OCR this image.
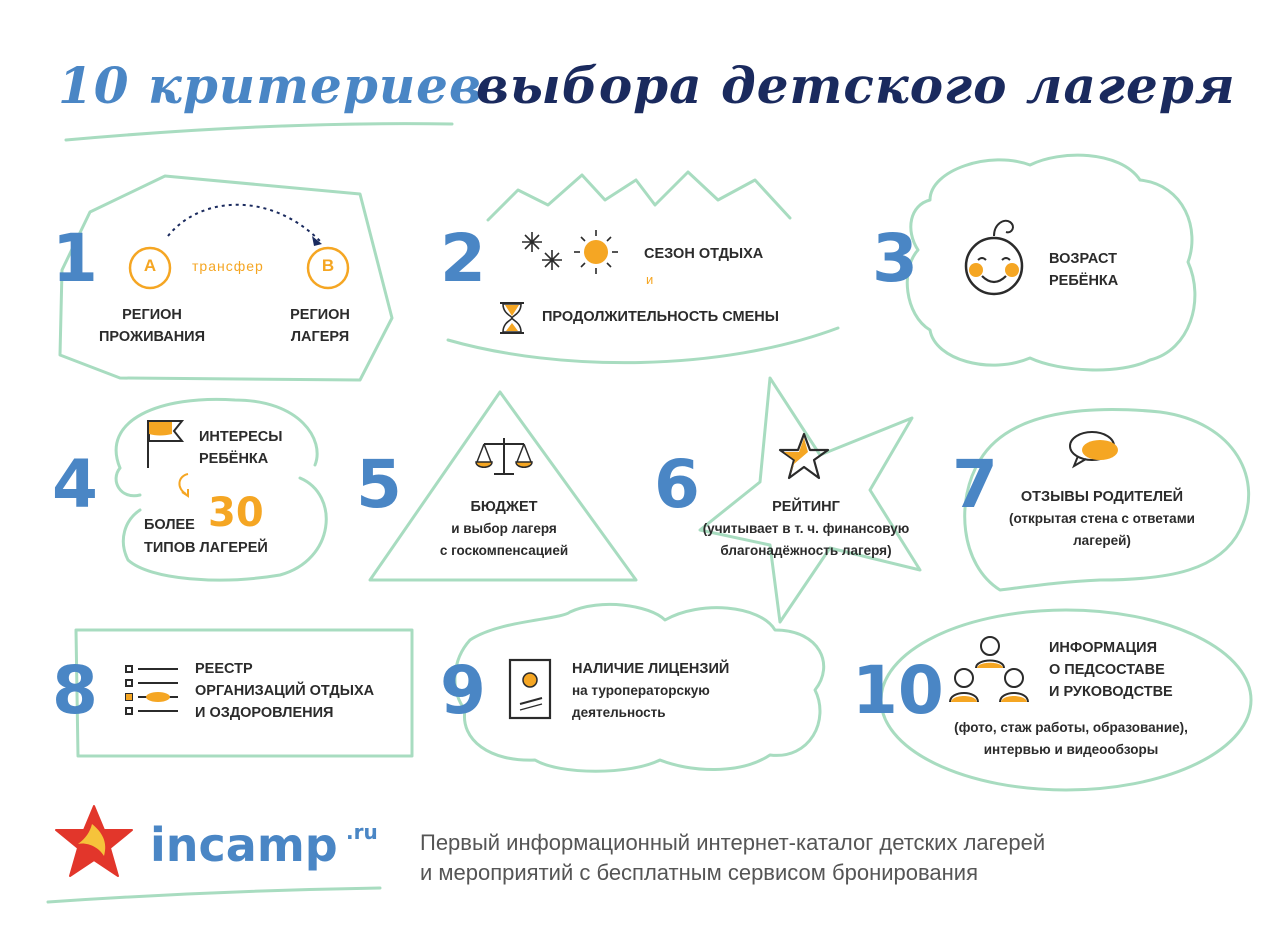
10 критериев
выбора детского лагеря
1	А	В
трансфер
РЕГИОН
ПРОЖИВАНИЯ
РЕГИОН
ЛАГЕРЯ
2	СЕЗОН ОТДЫХА
и
ПРОДОЛЖИТЕЛЬНОСТЬ СМЕНЫ
3	ВОЗРАСТ
РЕБЁНКА
4
ИНТЕРЕСЫ
РЕБЁНКА
БОЛЕЕ 30
ТИПОВ ЛАГЕРЕЙ
5	БЮДЖЕТ
и выбор лагеря
с госкомпенсацией
6	РЕЙТИНГ
(учитывает в т. ч. финансовую
благонадёжность лагеря)
7	ОТЗЫВЫ РОДИТЕЛЕЙ
(открытая стена с ответами
лагерей)
8	РЕЕСТР
ОРГАНИЗАЦИЙ ОТДЫХА
И ОЗДОРОВЛЕНИЯ	9	НАЛИЧИЕ ЛИЦЕНЗИЙ
на туроператорскую
деятельность	10
ИНФОРМАЦИЯ
О ПЕДСОСТАВЕ
И РУКОВОДСТВЕ
(фото, стаж работы, образование),
интервью и видеообзоры
incamp .ru Первый информационный интернет-каталог детских лагерей
и мероприятий с бесплатным сервисом бронирования
